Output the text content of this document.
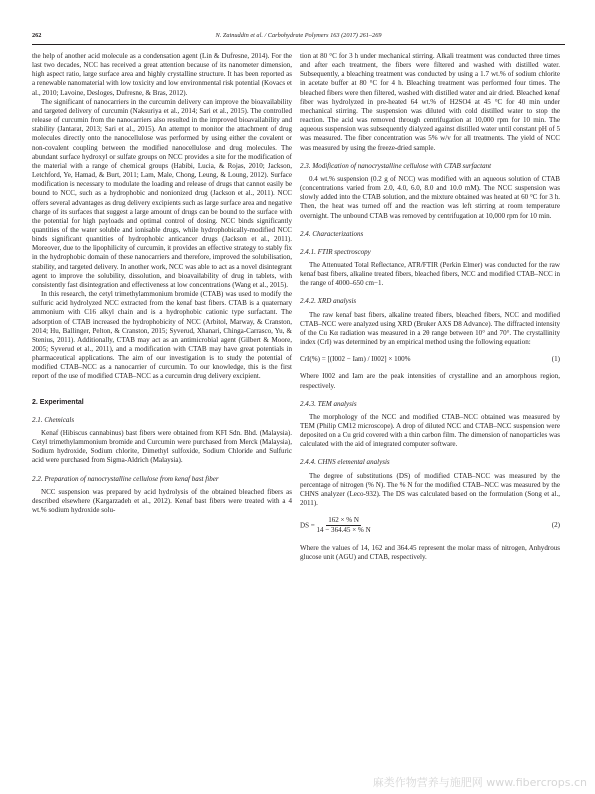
262	N. Zainuddin et al. / Carbohydrate Polymers 163 (2017) 261–269

the help of another acid molecule as a condensation agent (Lin & Dufresne, 2014). For the last two decades, NCC has received a great attention because of its nanometer dimension, high aspect ratio, large surface area and highly crystalline structure. It has been reported as a renewable nanomaterial with low toxicity and low environmental risk potential (Kovacs et al., 2010; Lavoine, Desloges, Dufresne, & Bras, 2012).

The significant of nanocarriers in the curcumin delivery can improve the bioavailability and targeted delivery of curcumin (Naksuriya et al., 2014; Sari et al., 2015). The controlled release of curcumin from the nanocarriers also resulted in the improved bioavailability and stability (Jantarat, 2013; Sari et al., 2015). An attempt to monitor the attachment of drug molecules directly onto the nanocellulose was performed by using either the covalent or non-covalent coupling between the modified nanocellulose and drug molecules. The abundant surface hydroxyl or sulfate groups on NCC provides a site for the modification of the material with a range of chemical groups (Habibi, Lucia, & Rojas, 2010; Jackson, Letchford, Ye, Hamad, & Burt, 2011; Lam, Male, Chong, Leung, & Loung, 2012). Surface modification is necessary to modulate the loading and release of drugs that cannot easily be bound to NCC, such as a hydrophobic and nonionized drug (Jackson et al., 2011). NCC offers several advantages as drug delivery excipients such as large surface area and negative charge of its surfaces that suggest a large amount of drugs can be bound to the surface with the potential for high payloads and optimal control of dosing. NCC binds significantly quantities of the water soluble and ionisable drugs, while hydrophobically-modified NCC binds significant quantities of hydrophobic anticancer drugs (Jackson et al., 2011). Moreover, due to the lipophilicity of curcumin, it provides an effective strategy to stably fix in the hydrophobic domain of these nanocarriers and therefore, improved the solubilisation, stability, and targeted delivery. In another work, NCC was able to act as a novel disintegrant agent to improve the solubility, dissolution, and bioavailability of drug in tablets, with consistently fast disintegration and effectiveness at low concentrations (Wang et al., 2015).

In this research, the cetyl trimethylammonium bromide (CTAB) was used to modify the sulfuric acid hydrolyzed NCC extracted from the kenaf bast fibers. CTAB is a quaternary ammonium with C16 alkyl chain and is a hydrophobic cationic type surfactant. The adsorption of CTAB increased the hydrophobicity of NCC (Arbitol, Marway, & Cranston, 2014; Hu, Ballinger, Pelton, & Cranston, 2015; Syverud, Xhanari, Chinga-Carrasco, Yu, & Stenius, 2011). Additionally, CTAB may act as an antimicrobial agent (Gilbert & Moore, 2005; Syverud et al., 2011), and a modification with CTAB may have great potentials in pharmaceutical applications. The aim of our investigation is to study the potential of modified CTAB–NCC as a nanocarrier of curcumin. To our knowledge, this is the first report of the use of modified CTAB–NCC as a curcumin drug delivery excipient.

2. Experimental
2.1. Chemicals

Kenaf (Hibiscus cannabinus) bast fibers were obtained from KFI Sdn. Bhd. (Malaysia). Cetyl trimethylammonium bromide and Curcumin were purchased from Merck (Malaysia), Sodium hydroxide, Sodium chlorite, Dimethyl sulfoxide, Sodium Chloride and Sulfuric acid were purchased from Sigma-Aldrich (Malaysia).

2.2. Preparation of nanocrystalline cellulose from kenaf bast fiber

NCC suspension was prepared by acid hydrolysis of the obtained bleached fibers as described elsewhere (Kargarzadeh et al., 2012). Kenaf bast fibers were treated with a 4 wt.% sodium hydroxide solu-

tion at 80 °C for 3 h under mechanical stirring. Alkali treatment was conducted three times and after each treatment, the fibers were filtered and washed with distilled water. Subsequently, a bleaching treatment was conducted by using a 1.7 wt.% of sodium chlorite in acetate buffer at 80 °C for 4 h. Bleaching treatment was performed four times. The bleached fibers were then filtered, washed with distilled water and air dried. Bleached kenaf fiber was hydrolyzed in pre-heated 64 wt.% of H2SO4 at 45 °C for 40 min under mechanical stirring. The suspension was diluted with cold distilled water to stop the reaction. The acid was removed through centrifugation at 10,000 rpm for 10 min. The aqueous suspension was subsequently dialyzed against distilled water until constant pH of 5 was measured. The fiber concentration was 5% w/v for all treatments. The yield of NCC was measured by using the freeze-dried sample.

2.3. Modification of nanocrystalline cellulose with CTAB surfactant

0.4 wt.% suspension (0.2 g of NCC) was modified with an aqueous solution of CTAB (concentrations varied from 2.0, 4.0, 6.0, 8.0 and 10.0 mM). The NCC suspension was slowly added into the CTAB solution, and the mixture obtained was heated at 60 °C for 3 h. Then, the heat was turned off and the reaction was left stirring at room temperature overnight. The unbound CTAB was removed by centrifugation at 10,000 rpm for 10 min.

2.4. Characterizations
2.4.1. FTIR spectroscopy

The Attenuated Total Reflectance, ATR/FTIR (Perkin Elmer) was conducted for the raw kenaf bast fibers, alkaline treated fibers, bleached fibers, NCC and modified CTAB–NCC in the range of 4000–650 cm−1.

2.4.2. XRD analysis

The raw kenaf bast fibers, alkaline treated fibers, bleached fibers, NCC and modified CTAB–NCC were analyzed using XRD (Bruker AXS D8 Advance). The diffracted intensity of the Cu Kα radiation was measured in a 2θ range between 10° and 70°. The crystallinity index (CrI) was determined by an empirical method using the following equation:

CrI(%) = [(I002 − Iam) / I002] × 100%	(1)

Where I002 and Iam are the peak intensities of crystalline and an amorphous region, respectively.

2.4.3. TEM analysis

The morphology of the NCC and modified CTAB–NCC obtained was measured by TEM (Philip CM12 microscope). A drop of diluted NCC and CTAB–NCC suspension were deposited on a Cu grid covered with a thin carbon film. The dimension of nanoparticles was calculated with the aid of integrated computer software.

2.4.4. CHNS elemental analysis

The degree of substitutions (DS) of modified CTAB–NCC was measured by the percentage of nitrogen (% N). The % N for the modified CTAB–NCC was measured by the CHNS analyzer (Leco-932). The DS was calculated based on the formulation (Song et al., 2011).

DS = $\frac{162 \times \% N}{14 - 364.45 \times \% N}$	(2)

Where the values of 14, 162 and 364.45 represent the molar mass of nitrogen, Anhydrous glucose unit (AGU) and CTAB, respectively.

麻类作物营养与施肥网 www.fibercrops.cn
